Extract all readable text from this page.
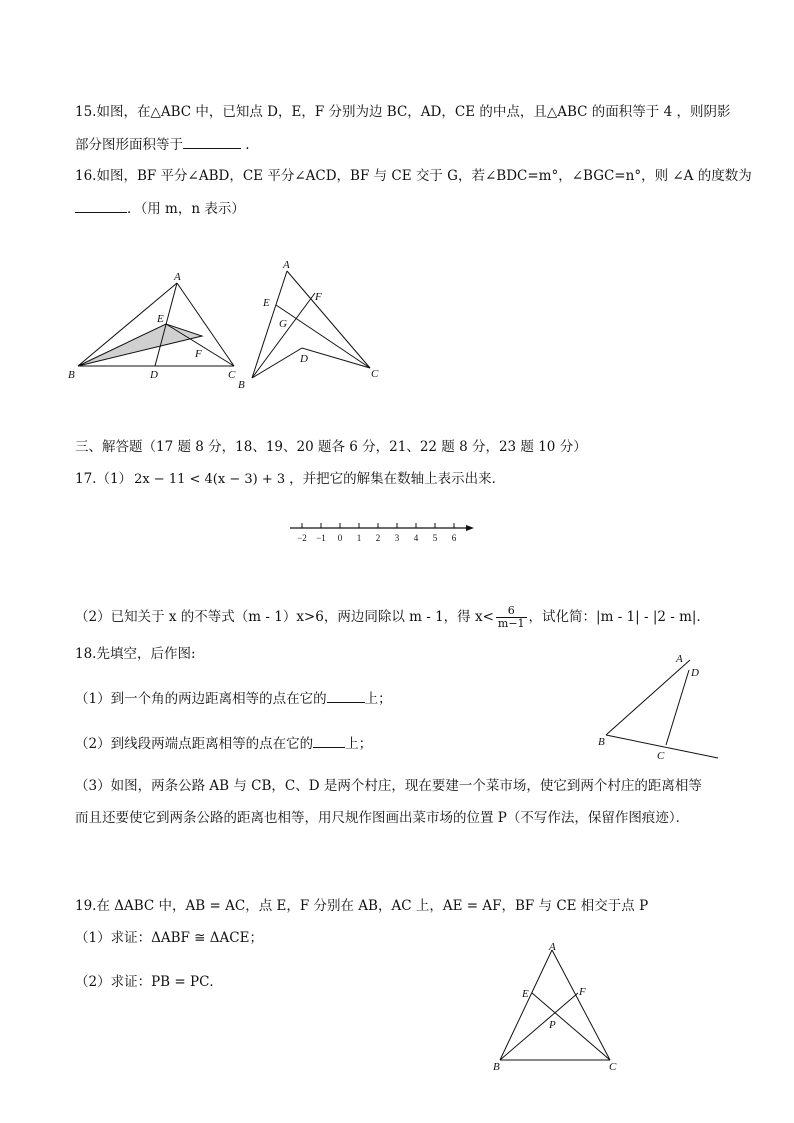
15.如图，在△ABC 中，已知点 D，E，F 分别为边 BC，AD，CE 的中点，且△ABC 的面积等于 4 ，则阴影
部分图形面积等于	.
16.如图，BF 平分∠ABD，CE 平分∠ACD，BF 与 CE 交于 G，若∠BDC=m°，∠BGC=n°，则 ∠A 的度数为
．（用 m，n 表示）
A
B	C
D
E
F
A
B
C
D
E	F
G
三、解答题（17 题 8 分，18、19、20 题各 6 分，21、22 题 8 分，23 题 10 分）
17.（1） 2x − 11 < 4(x − 3) + 3 ，并把它的解集在数轴上表示出来．
−2 −1 0 1 2 3 4 5 6
（2）已知关于 x 的不等式（m - 1）x>6，两边同除以 m - 1，得 $x< \frac{6}{m-1}$ ，试化简：|m - 1| - |2 - m|．
18.先填空，后作图:
（1）到一个角的两边距离相等的点在它的	上；
（2）到线段两端点距离相等的点在它的 上；
A
B
C
D
（3）如图，两条公路 AB 与 CB，C、D 是两个村庄，现在要建一个菜市场，使它到两个村庄的距离相等
而且还要使它到两条公路的距离也相等，用尺规作图画出菜市场的位置 P（不写作法，保留作图痕迹）．
19.在 ΔABC 中，AB = AC，点 E，F 分别在 AB，AC 上，AE = AF，BF 与 CE 相交于点 P
（1）求证：ΔABF ≅ ΔACE；
（2）求证：PB = PC．
A
B	C
E	F
P
